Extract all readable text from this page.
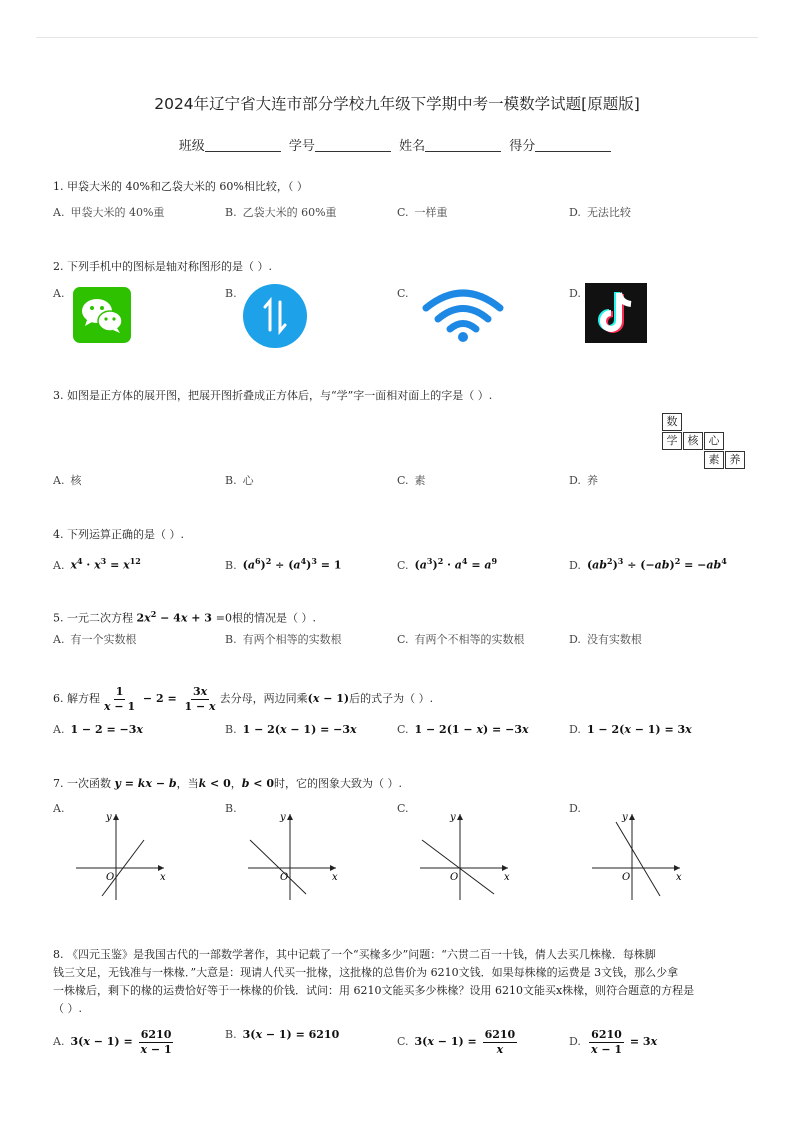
2024年辽宁省大连市部分学校九年级下学期中考一模数学试题[原题版]
班级	学号	姓名	得分
1. 甲袋大米的 40%和乙袋大米的 60%相比较，（ ）
A. 甲袋大米的 40%重	B. 乙袋大米的 60%重	C. 一样重	D. 无法比较
2. 下列手机中的图标是轴对称图形的是（ ）.
A.	B.	C.	D.
3. 如图是正方体的展开图，把展开图折叠成正方体后，与“学”字一面相对面上的字是（ ）.
数
学 核 心
素 养
A. 核	B. 心	C. 素	D. 养
4. 下列运算正确的是（ ）.
A. $x^4 \cdot x^3 = x^{12}$	B. $(a^6)^2 \div (a^4)^3 = 1$	C. $(a^3)^2 \cdot a^4 = a^9$	D. $(ab^2)^3 \div (-ab)^2 = -ab^4$
5. 一元二次方程 $2x^2 - 4x + 3 =0$根的情况是（ ）.
A. 有一个实数根	B. 有两个相等的实数根	C. 有两个不相等的实数根	D. 没有实数根
6. 解方程 $\frac{1}{x - 1} - 2 = \frac{3x}{1 - x}$ 去分母，两边同乘(x − 1)后的式子为（ ）.
A. 1 − 2 = −3x	B. 1 − 2(x − 1) = −3x	C. 1 − 2(1 − x) = −3x	D. 1 − 2(x − 1) = 3x
7. 一次函数 y = kx − b，当k < 0，b < 0时，它的图象大致为（ ）.
A.	B.	C.	D.
y
x
O
y
x
O
y
x
O
y
x
O
8. 《四元玉鉴》是我国古代的一部数学著作，其中记载了一个“买椽多少”问题：“六贯二百一十钱，倩人去买几株椽．每株脚
钱三文足，无钱准与一株椽．”大意是：现请人代买一批椽，这批椽的总售价为 6210文钱．如果每株椽的运费是 3文钱，那么少拿
一株椽后，剩下的椽的运费恰好等于一株椽的价钱．试问：用 6210文能买多少株椽？设用 6210文能买x株椽，则符合题意的方程是
（ ）.
A. $3(x - 1) = \frac{6210}{x - 1}$	B. 3(x − 1) = 6210
C. $3(x - 1) = \frac{6210}{x}$	D. $\frac{6210}{x - 1} = 3x$
